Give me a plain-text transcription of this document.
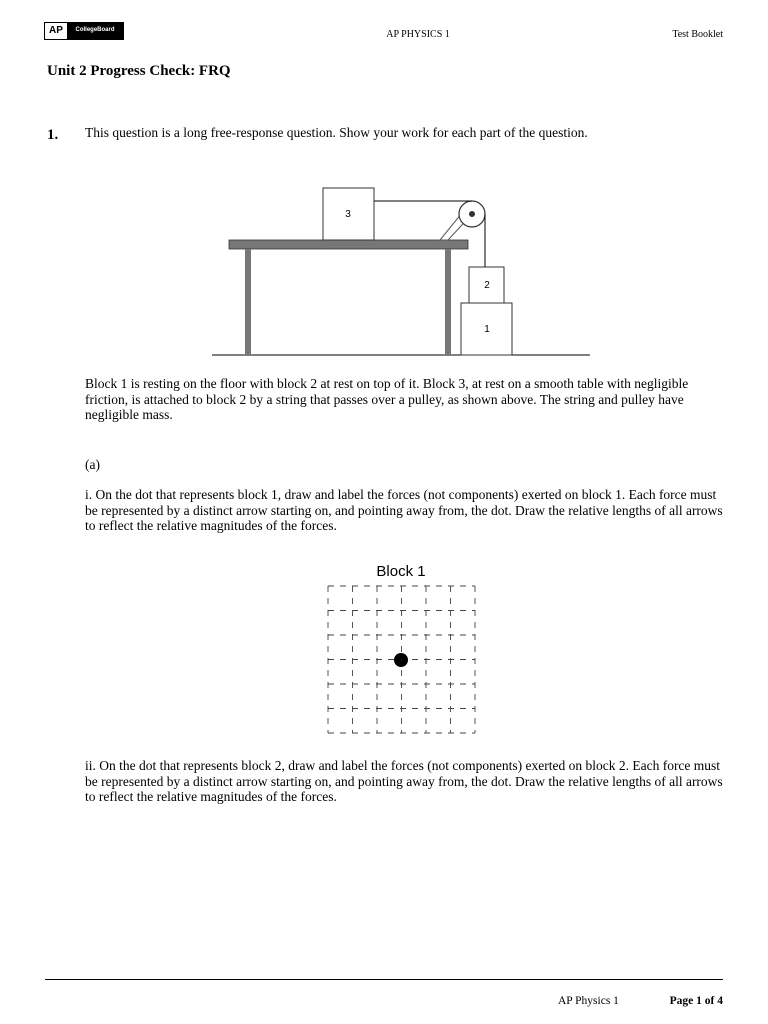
AP	CollegeBoard	AP PHYSICS 1	Test Booklet
Unit 2 Progress Check: FRQ
1. This question is a long free-response question. Show your work for each part of the question.
3
2
1
Block 1 is resting on the floor with block 2 at rest on top of it. Block 3, at rest on a smooth table with negligible friction, is attached to block 2 by a string that passes over a pulley, as shown above. The string and pulley have negligible mass.
(a)
i. On the dot that represents block 1, draw and label the forces (not components) exerted on block 1. Each force must be represented by a distinct arrow starting on, and pointing away from, the dot. Draw the relative lengths of all arrows to reflect the relative magnitudes of the forces.
Block 1
ii. On the dot that represents block 2, draw and label the forces (not components) exerted on block 2. Each force must be represented by a distinct arrow starting on, and pointing away from, the dot. Draw the relative lengths of all arrows to reflect the relative magnitudes of the forces.
AP Physics 1	Page 1 of 4
